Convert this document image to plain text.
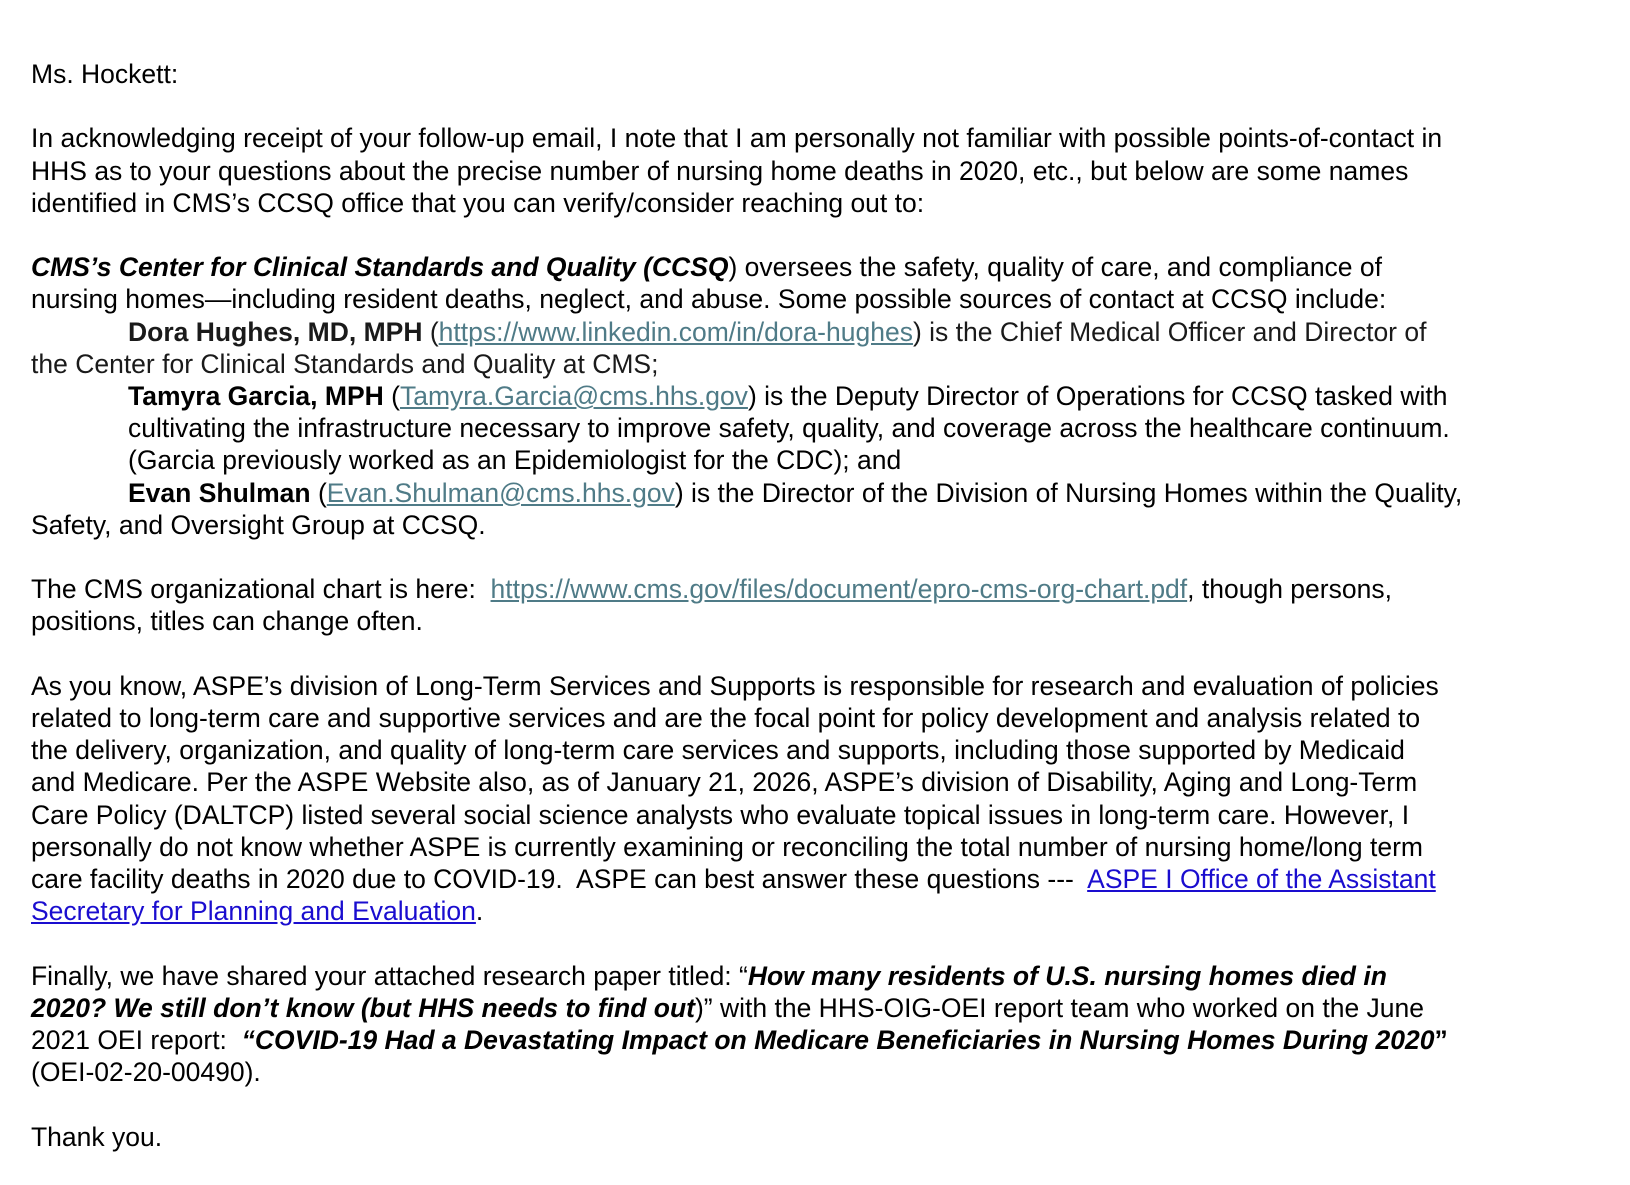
Ms. Hockett:
In acknowledging receipt of your follow-up email, I note that I am personally not familiar with possible points-of-contact in
HHS as to your questions about the precise number of nursing home deaths in 2020, etc., but below are some names
identified in CMS’s CCSQ office that you can verify/consider reaching out to:
CMS’s Center for Clinical Standards and Quality (CCSQ) oversees the safety, quality of care, and compliance of
nursing homes—including resident deaths, neglect, and abuse. Some possible sources of contact at CCSQ include:
Dora Hughes, MD, MPH (https://www.linkedin.com/in/dora-hughes) is the Chief Medical Officer and Director of
the Center for Clinical Standards and Quality at CMS;
Tamyra Garcia, MPH (Tamyra.Garcia@cms.hhs.gov) is the Deputy Director of Operations for CCSQ tasked with
cultivating the infrastructure necessary to improve safety, quality, and coverage across the healthcare continuum.
(Garcia previously worked as an Epidemiologist for the CDC); and
Evan Shulman (Evan.Shulman@cms.hhs.gov) is the Director of the Division of Nursing Homes within the Quality,
Safety, and Oversight Group at CCSQ.
The CMS organizational chart is here:  https://www.cms.gov/files/document/epro-cms-org-chart.pdf, though persons,
positions, titles can change often.
As you know, ASPE’s division of Long-Term Services and Supports is responsible for research and evaluation of policies
related to long-term care and supportive services and are the focal point for policy development and analysis related to
the delivery, organization, and quality of long-term care services and supports, including those supported by Medicaid
and Medicare. Per the ASPE Website also, as of January 21, 2026, ASPE’s division of Disability, Aging and Long-Term
Care Policy (DALTCP) listed several social science analysts who evaluate topical issues in long-term care. However, I
personally do not know whether ASPE is currently examining or reconciling the total number of nursing home/long term
care facility deaths in 2020 due to COVID-19.  ASPE can best answer these questions ---  ASPE I Office of the Assistant
Secretary for Planning and Evaluation.
Finally, we have shared your attached research paper titled: “How many residents of U.S. nursing homes died in
2020? We still don’t know (but HHS needs to find out)” with the HHS-OIG-OEI report team who worked on the June
2021 OEI report:  “COVID-19 Had a Devastating Impact on Medicare Beneficiaries in Nursing Homes During 2020”
(OEI-02-20-00490).
Thank you.
